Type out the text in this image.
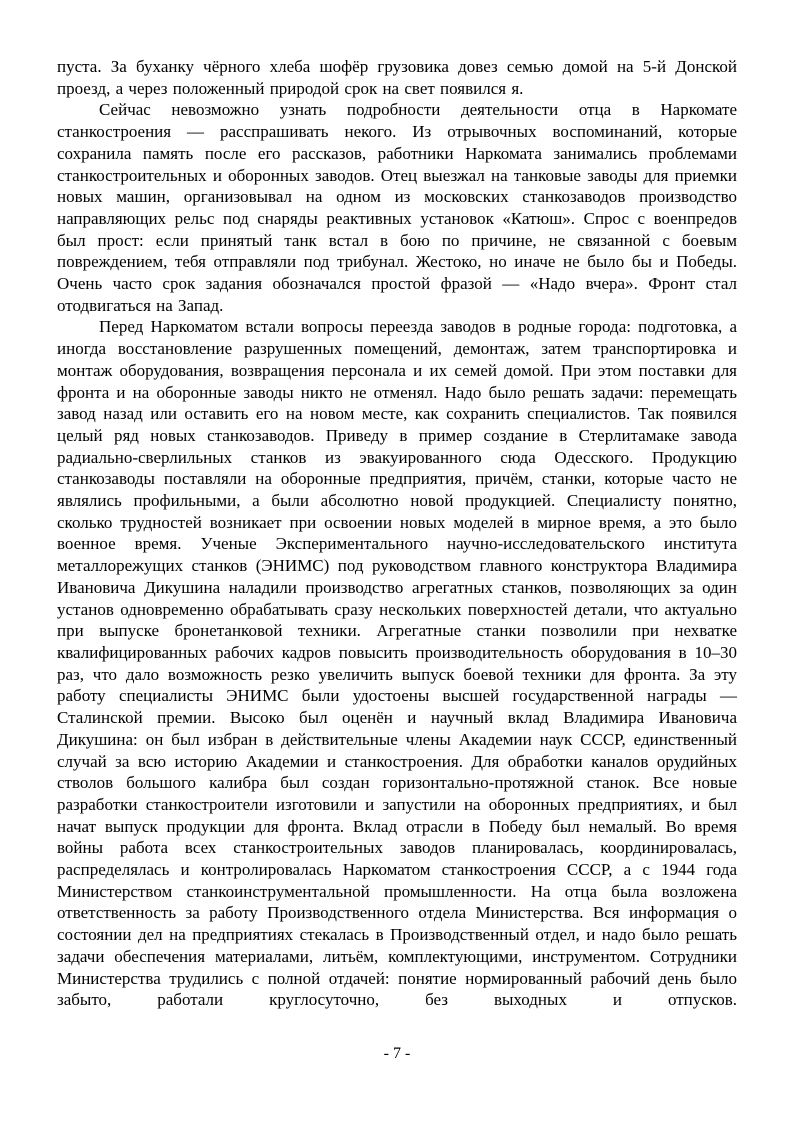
пуста. За буханку чёрного хлеба шофёр грузовика довез семью домой на 5-й Донской проезд, а через положенный природой срок на свет появился я.

Сейчас невозможно узнать подробности деятельности отца в Наркомате станкостроения — расспрашивать некого. Из отрывочных воспоминаний, которые сохранила память после его рассказов, работники Наркомата занимались проблемами станкостроительных и оборонных заводов. Отец выезжал на танковые заводы для приемки новых машин, организовывал на одном из московских станкозаводов производство направляющих рельс под снаряды реактивных установок «Катюш». Спрос с военпредов был прост: если принятый танк встал в бою по причине, не связанной с боевым повреждением, тебя отправляли под трибунал. Жестоко, но иначе не было бы и Победы. Очень часто срок задания обозначался простой фразой — «Надо вчера». Фронт стал отодвигаться на Запад.

Перед Наркоматом встали вопросы переезда заводов в родные города: подготовка, а иногда восстановление разрушенных помещений, демонтаж, затем транспортировка и монтаж оборудования, возвращения персонала и их семей домой. При этом поставки для фронта и на оборонные заводы никто не отменял. Надо было решать задачи: перемещать завод назад или оставить его на новом месте, как сохранить специалистов. Так появился целый ряд новых станкозаводов. Приведу в пример создание в Стерлитамаке завода радиально-сверлильных станков из эвакуированного сюда Одесского. Продукцию станкозаводы поставляли на оборонные предприятия, причём, станки, которые часто не являлись профильными, а были абсолютно новой продукцией. Специалисту понятно, сколько трудностей возникает при освоении новых моделей в мирное время, а это было военное время. Ученые Экспериментального научно-исследовательского института металлорежущих станков (ЭНИМС) под руководством главного конструктора Владимира Ивановича Дикушина наладили производство агрегатных станков, позволяющих за один установ одновременно обрабатывать сразу нескольких поверхностей детали, что актуально при выпуске бронетанковой техники. Агрегатные станки позволили при нехватке квалифицированных рабочих кадров повысить производительность оборудования в 10–30 раз, что дало возможность резко увеличить выпуск боевой техники для фронта. За эту работу специалисты ЭНИМС были удостоены высшей государственной награды — Сталинской премии. Высоко был оценён и научный вклад Владимира Ивановича Дикушина: он был избран в действительные члены Академии наук СССР, единственный случай за всю историю Академии и станкостроения. Для обработки каналов орудийных стволов большого калибра был создан горизонтально-протяжной станок. Все новые разработки станкостроители изготовили и запустили на оборонных предприятиях, и был начат выпуск продукции для фронта. Вклад отрасли в Победу был немалый. Во время войны работа всех станкостроительных заводов планировалась, координировалась, распределялась и контролировалась Наркоматом станкостроения СССР, а с 1944 года Министерством станкоинструментальной промышленности. На отца была возложена ответственность за работу Производственного отдела Министерства. Вся информация о состоянии дел на предприятиях стекалась в Производственный отдел, и надо было решать задачи обеспечения материалами, литьём, комплектующими, инструментом. Сотрудники Министерства трудились с полной отдачей: понятие нормированный рабочий день было забыто, работали круглосуточно, без выходных и отпусков.

- 7 -
